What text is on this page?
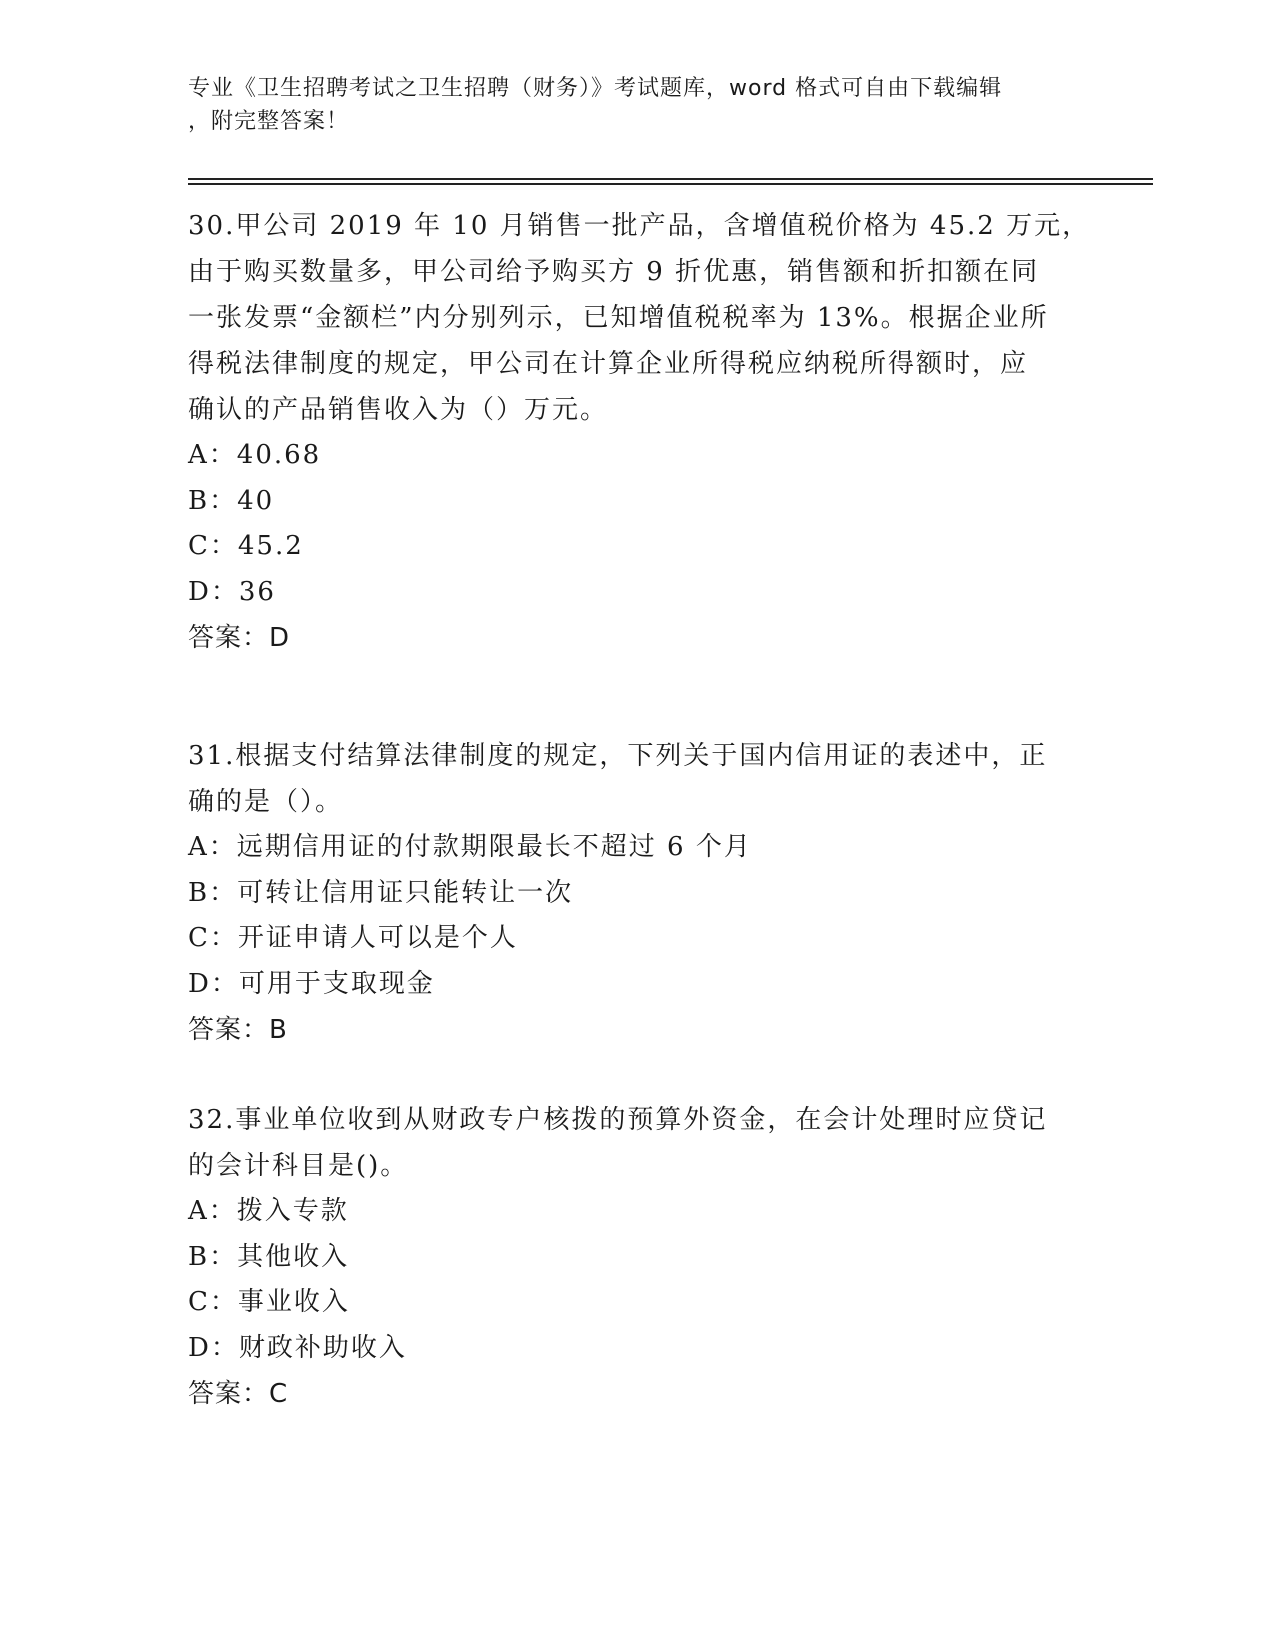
专业《卫生招聘考试之卫生招聘（财务）》考试题库，word 格式可自由下载编辑
，附完整答案！
30.甲公司 2019 年 10 月销售一批产品，含增值税价格为 45.2 万元，
由于购买数量多，甲公司给予购买方 9 折优惠，销售额和折扣额在同
一张发票“金额栏”内分别列示，已知增值税税率为 13%。根据企业所
得税法律制度的规定，甲公司在计算企业所得税应纳税所得额时，应
确认的产品销售收入为（）万元。
A：40.68
B：40
C：45.2
D：36
答案：D
31.根据支付结算法律制度的规定，下列关于国内信用证的表述中，正
确的是（）。
A：远期信用证的付款期限最长不超过 6 个月
B：可转让信用证只能转让一次
C：开证申请人可以是个人
D：可用于支取现金
答案：B
32.事业单位收到从财政专户核拨的预算外资金，在会计处理时应贷记
的会计科目是()。
A：拨入专款
B：其他收入
C：事业收入
D：财政补助收入
答案：C
